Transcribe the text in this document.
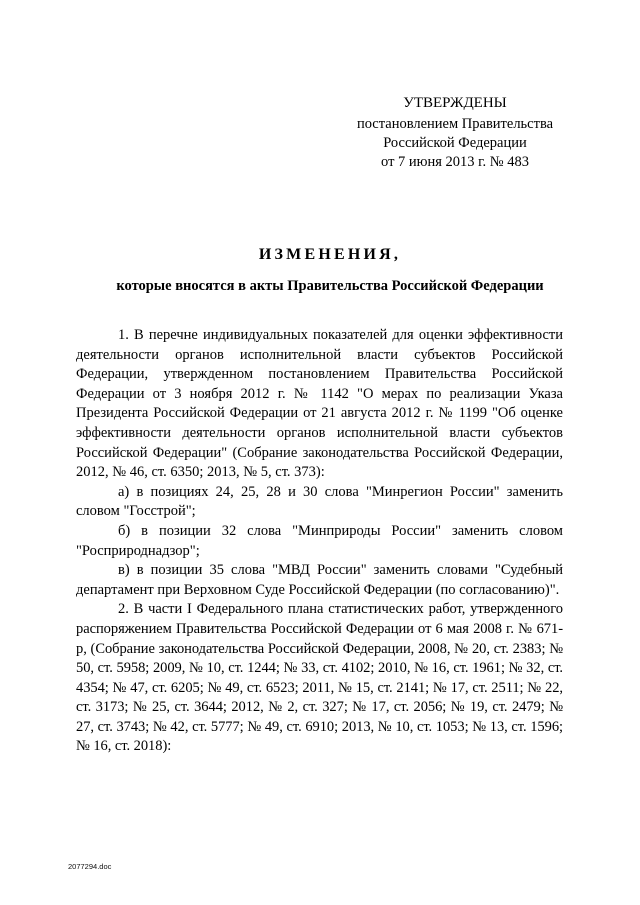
УТВЕРЖДЕНЫ
постановлением Правительства
Российской Федерации
от 7 июня 2013 г. № 483
ИЗМЕНЕНИЯ,
которые вносятся в акты Правительства Российской Федерации

1. В перечне индивидуальных показателей для оценки эффективности деятельности органов исполнительной власти субъектов Российской Федерации, утвержденном постановлением Правительства Российской Федерации от 3 ноября 2012 г. № 1142 "О мерах по реализации Указа Президента Российской Федерации от 21 августа 2012 г. № 1199 "Об оценке эффективности деятельности органов исполнительной власти субъектов Российской Федерации" (Собрание законодательства Российской Федерации, 2012, № 46, ст. 6350; 2013, № 5, ст. 373):

а) в позициях 24, 25, 28 и 30 слова "Минрегион России" заменить словом "Госстрой";

б) в позиции 32 слова "Минприроды России" заменить словом "Росприроднадзор";

в) в позиции 35 слова "МВД России" заменить словами "Судебный департамент при Верховном Суде Российской Федерации (по согласованию)".

2. В части I Федерального плана статистических работ, утвержденного распоряжением Правительства Российской Федерации от 6 мая 2008 г. № 671-р, (Собрание законодательства Российской Федерации, 2008, № 20, ст. 2383; № 50, ст. 5958; 2009, № 10, ст. 1244; № 33, ст. 4102; 2010, № 16, ст. 1961; № 32, ст. 4354; № 47, ст. 6205; № 49, ст. 6523; 2011, № 15, ст. 2141; № 17, ст. 2511; № 22, ст. 3173; № 25, ст. 3644; 2012, № 2, ст. 327; № 17, ст. 2056; № 19, ст. 2479; № 27, ст. 3743; № 42, ст. 5777; № 49, ст. 6910; 2013, № 10, ст. 1053; № 13, ст. 1596; № 16, ст. 2018):

2077294.doc
